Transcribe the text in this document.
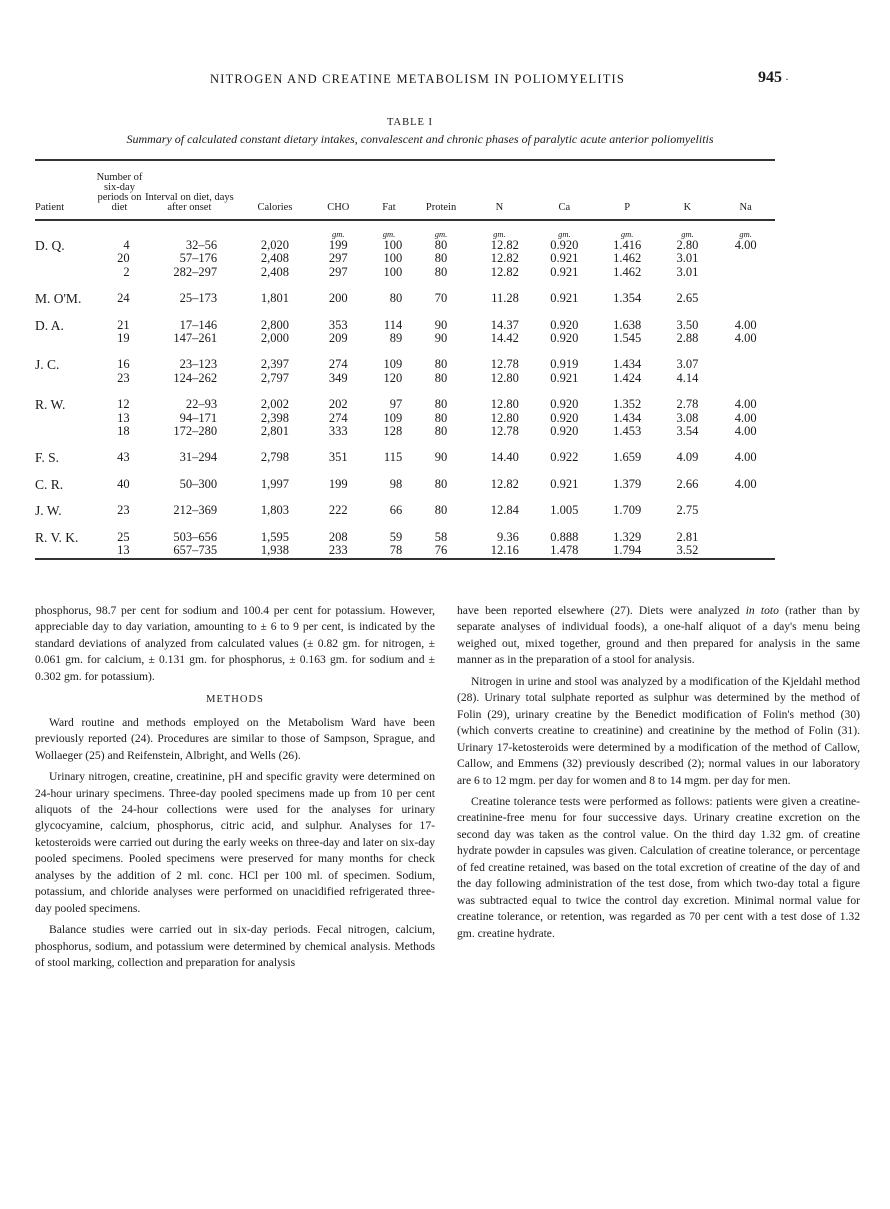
NITROGEN AND CREATINE METABOLISM IN POLIOMYELITIS	945 ·
TABLE I
Summary of calculated constant dietary intakes, convalescent and chronic phases of paralytic acute anterior poliomyelitis
Patient	Number of six-day periods on diet	Interval on diet, days after onset	Calories	CHO	Fat	Protein	N	Ca	P	K	Na
				gm.	gm.	gm.	gm.	gm.	gm.	gm.	gm.
D. Q.	4	32–56	2,020	199	100	80	12.82	0.920	1.416	2.80	4.00
	20	57–176	2,408	297	100	80	12.82	0.921	1.462	3.01	
	2	282–297	2,408	297	100	80	12.82	0.921	1.462	3.01	

M. O'M.	24	25–173	1,801	200	80	70	11.28	0.921	1.354	2.65	

D. A.	21	17–146	2,800	353	114	90	14.37	0.920	1.638	3.50	4.00
	19	147–261	2,000	209	89	90	14.42	0.920	1.545	2.88	4.00

J. C.	16	23–123	2,397	274	109	80	12.78	0.919	1.434	3.07	
	23	124–262	2,797	349	120	80	12.80	0.921	1.424	4.14	

R. W.	12	22–93	2,002	202	97	80	12.80	0.920	1.352	2.78	4.00
	13	94–171	2,398	274	109	80	12.80	0.920	1.434	3.08	4.00
	18	172–280	2,801	333	128	80	12.78	0.920	1.453	3.54	4.00

F. S.	43	31–294	2,798	351	115	90	14.40	0.922	1.659	4.09	4.00

C. R.	40	50–300	1,997	199	98	80	12.82	0.921	1.379	2.66	4.00

J. W.	23	212–369	1,803	222	66	80	12.84	1.005	1.709	2.75	

R. V. K.	25	503–656	1,595	208	59	58	9.36	0.888	1.329	2.81	
	13	657–735	1,938	233	78	76	12.16	1.478	1.794	3.52	

phosphorus, 98.7 per cent for sodium and 100.4 per cent for potassium. However, appreciable day to day variation, amounting to ± 6 to 9 per cent, is indicated by the standard deviations of analyzed from calculated values (± 0.82 gm. for nitrogen, ± 0.061 gm. for calcium, ± 0.131 gm. for phosphorus, ± 0.163 gm. for sodium and ± 0.302 gm. for potassium).

METHODS

Ward routine and methods employed on the Metabolism Ward have been previously reported (24). Procedures are similar to those of Sampson, Sprague, and Wollaeger (25) and Reifenstein, Albright, and Wells (26).

Urinary nitrogen, creatine, creatinine, pH and specific gravity were determined on 24-hour urinary specimens. Three-day pooled specimens made up from 10 per cent aliquots of the 24-hour collections were used for the analyses for urinary glycocyamine, calcium, phosphorus, citric acid, and sulphur. Analyses for 17-ketosteroids were carried out during the early weeks on three-day and later on six-day pooled specimens. Pooled specimens were preserved for many months for check analyses by the addition of 2 ml. conc. HCl per 100 ml. of specimen. Sodium, potassium, and chloride analyses were performed on unacidified refrigerated three-day pooled specimens.

Balance studies were carried out in six-day periods. Fecal nitrogen, calcium, phosphorus, sodium, and potassium were determined by chemical analysis. Methods of stool marking, collection and preparation for analysis

have been reported elsewhere (27). Diets were analyzed in toto (rather than by separate analyses of individual foods), a one-half aliquot of a day's menu being weighed out, mixed together, ground and then prepared for analysis in the same manner as in the preparation of a stool for analysis.

Nitrogen in urine and stool was analyzed by a modification of the Kjeldahl method (28). Urinary total sulphate reported as sulphur was determined by the method of Folin (29), urinary creatine by the Benedict modification of Folin's method (30) (which converts creatine to creatinine) and creatinine by the method of Folin (31). Urinary 17-ketosteroids were determined by a modification of the method of Callow, Callow, and Emmens (32) previously described (2); normal values in our laboratory are 6 to 12 mgm. per day for women and 8 to 14 mgm. per day for men.

Creatine tolerance tests were performed as follows: patients were given a creatine-creatinine-free menu for four successive days. Urinary creatine excretion on the second day was taken as the control value. On the third day 1.32 gm. of creatine hydrate powder in capsules was given. Calculation of creatine tolerance, or percentage of fed creatine retained, was based on the total excretion of creatine of the day of and the day following administration of the test dose, from which two-day total a figure was subtracted equal to twice the control day excretion. Minimal normal value for creatine tolerance, or retention, was regarded as 70 per cent with a test dose of 1.32 gm. creatine hydrate.
